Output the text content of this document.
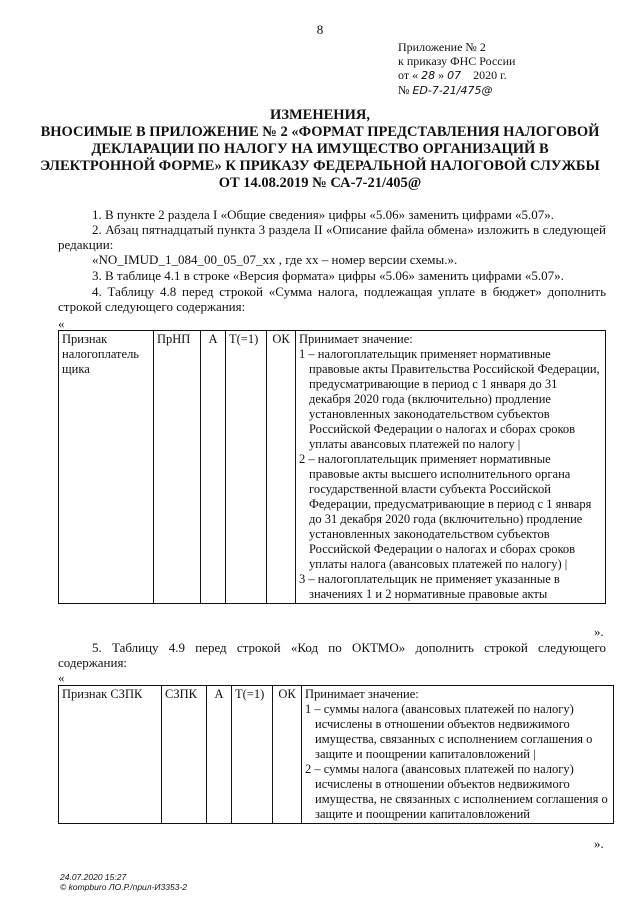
8
Приложение № 2
к приказу ФНС России
от « 28 » 07 2020 г.
№ ED-7-21/475@
ИЗМЕНЕНИЯ,
ВНОСИМЫЕ В ПРИЛОЖЕНИЕ № 2 «ФОРМАТ ПРЕДСТАВЛЕНИЯ НАЛОГОВОЙ
ДЕКЛАРАЦИИ ПО НАЛОГУ НА ИМУЩЕСТВО ОРГАНИЗАЦИЙ В
ЭЛЕКТРОННОЙ ФОРМЕ» К ПРИКАЗУ ФЕДЕРАЛЬНОЙ НАЛОГОВОЙ СЛУЖБЫ
ОТ 14.08.2019 № СА-7-21/405@
1. В пункте 2 раздела I «Общие сведения» цифры «5.06» заменить цифрами «5.07».
2. Абзац пятнадцатый пункта 3 раздела II «Описание файла обмена» изложить в следующей редакции:
«NO_IMUD_1_084_00_05_07_xx , где xx – номер версии схемы.».
3. В таблице 4.1 в строке «Версия формата» цифры «5.06» заменить цифрами «5.07».
4. Таблицу 4.8 перед строкой «Сумма налога, подлежащая уплате в бюджет» дополнить строкой следующего содержания:
«
Признак налогоплатель щика	ПрНП	А	T(=1)	ОК	Принимает значение:
1 – налогоплательщик применяет нормативные правовые акты Правительства Российской Федерации, предусматривающие в период с 1 января до 31 декабря 2020 года (включительно) продление установленных законодательством субъектов Российской Федерации о налогах и сборах сроков уплаты авансовых платежей по налогу |
2 – налогоплательщик применяет нормативные правовые акты высшего исполнительного органа государственной власти субъекта Российской Федерации, предусматривающие в период с 1 января до 31 декабря 2020 года (включительно) продление установленных законодательством субъектов Российской Федерации о налогах и сборах сроков уплаты налога (авансовых платежей по налогу) |
3 – налогоплательщик не применяет указанные в значениях 1 и 2 нормативные правовые акты
».
5. Таблицу 4.9 перед строкой «Код по ОКТМО» дополнить строкой следующего содержания:
«
Признак СЗПК	СЗПК	А	Т(=1)	ОК	Принимает значение:
1 – суммы налога (авансовых платежей по налогу) исчислены в отношении объектов недвижимого имущества, связанных с исполнением соглашения о защите и поощрении капиталовложений |
2 – суммы налога (авансовых платежей по налогу) исчислены в отношении объектов недвижимого имущества, не связанных с исполнением соглашения о защите и поощрении капиталовложений
».
24.07.2020 15:27
© kompburo ЛО.Р./прил-И3353-2
